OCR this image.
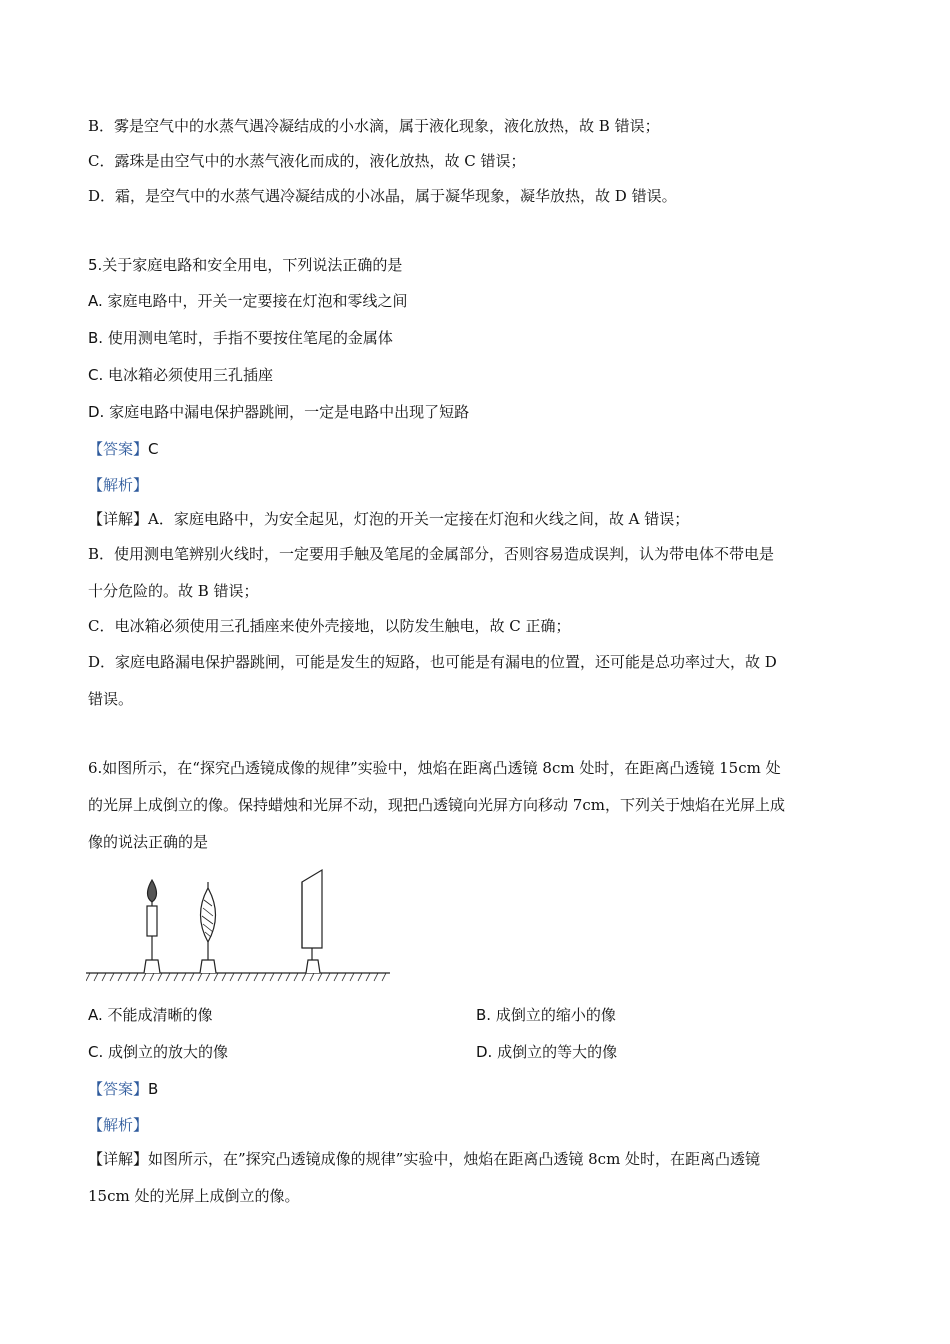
B．雾是空气中的水蒸气遇冷凝结成的小水滴，属于液化现象，液化放热，故 B 错误；
C．露珠是由空气中的水蒸气液化而成的，液化放热，故 C 错误；
D．霜，是空气中的水蒸气遇冷凝结成的小冰晶，属于凝华现象，凝华放热，故 D 错误。
5.关于家庭电路和安全用电，下列说法正确的是
A. 家庭电路中，开关一定要接在灯泡和零线之间
B. 使用测电笔时，手指不要按住笔尾的金属体
C. 电冰箱必须使用三孔插座
D. 家庭电路中漏电保护器跳闸，一定是电路中出现了短路
【答案】C
【解析】
【详解】A．家庭电路中，为安全起见，灯泡的开关一定接在灯泡和火线之间，故 A 错误；
B．使用测电笔辨别火线时，一定要用手触及笔尾的金属部分，否则容易造成误判，认为带电体不带电是
十分危险的。故 B 错误；
C．电冰箱必须使用三孔插座来使外壳接地，以防发生触电，故 C 正确；
D．家庭电路漏电保护器跳闸，可能是发生的短路，也可能是有漏电的位置，还可能是总功率过大，故 D
错误。
6.如图所示，在“探究凸透镜成像的规律”实验中，烛焰在距离凸透镜 8cm 处时，在距离凸透镜 15cm 处
的光屏上成倒立的像。保持蜡烛和光屏不动，现把凸透镜向光屏方向移动 7cm，下列关于烛焰在光屏上成
像的说法正确的是
A. 不能成清晰的像	B. 成倒立的缩小的像
C. 成倒立的放大的像	D. 成倒立的等大的像
【答案】B
【解析】
【详解】如图所示，在”探究凸透镜成像的规律”实验中，烛焰在距离凸透镜 8cm 处时，在距离凸透镜
15cm 处的光屏上成倒立的像。
